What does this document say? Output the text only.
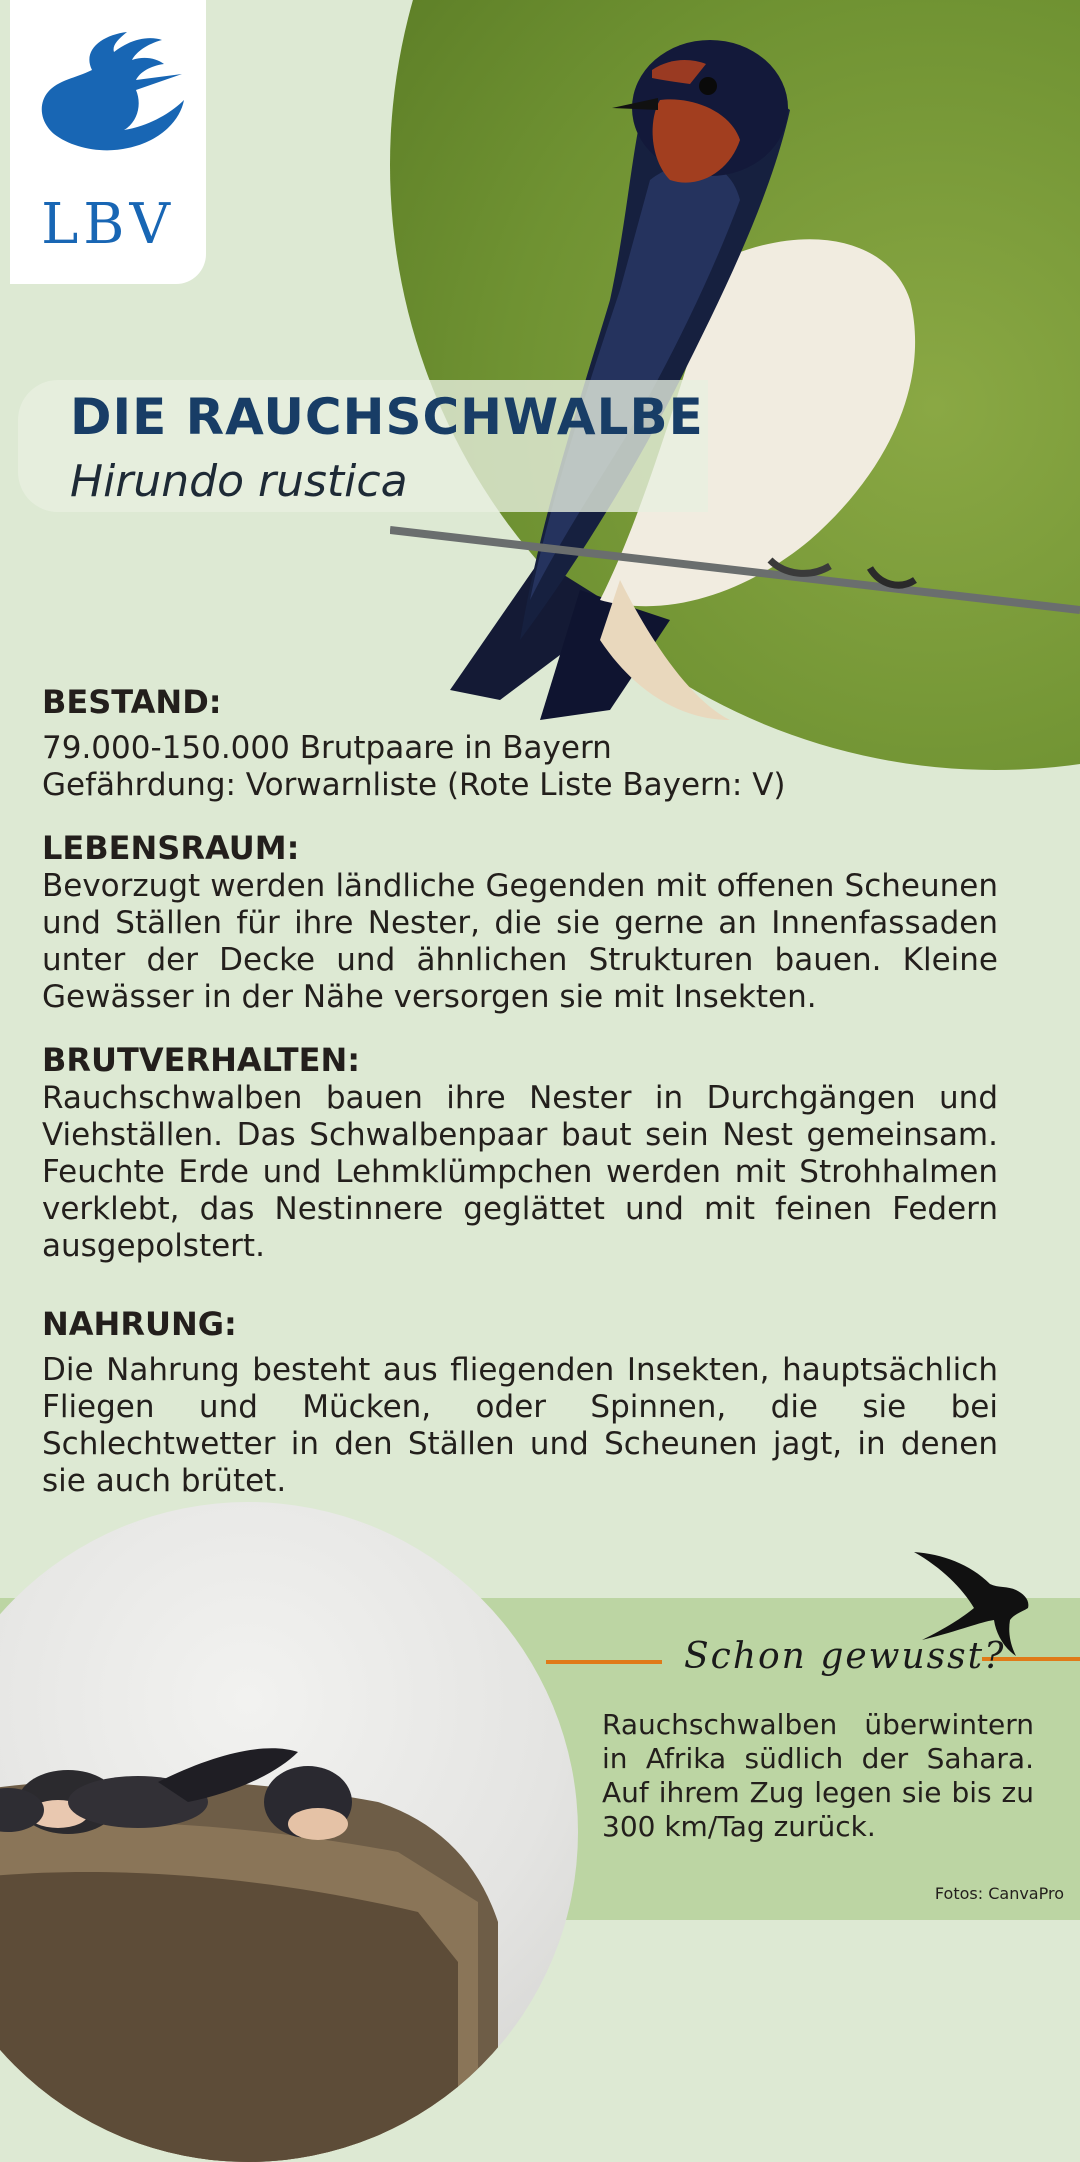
LBV
DIE RAUCHSCHWALBE
Hirundo rustica
BESTAND:

79.000-150.000 Brutpaare in Bayern

Gefährdung: Vorwarnliste (Rote Liste Bayern: V)

LEBENSRAUM:

Bevorzugt werden ländliche Gegenden mit offenen Scheunen und Ställen für ihre Nester, die sie gerne an Innenfassaden unter der Decke und ähnlichen Strukturen bauen. Kleine Gewässer in der Nähe versorgen sie mit Insekten.

BRUTVERHALTEN:

Rauchschwalben bauen ihre Nester in Durchgängen und Viehställen. Das Schwalbenpaar baut sein Nest gemeinsam. Feuchte Erde und Lehmklümpchen werden mit Strohhalmen verklebt, das Nestinnere geglättet und mit feinen Federn ausgepolstert.

NAHRUNG:

Die Nahrung besteht aus fliegenden Insekten, hauptsächlich Fliegen und Mücken, oder Spinnen, die sie bei Schlechtwetter in den Ställen und Scheunen jagt, in denen sie auch brütet.

Schon gewusst?

Rauchschwalben überwintern in Afrika südlich der Sahara. Auf ihrem Zug legen sie bis zu 300 km/Tag zurück.

Fotos: CanvaPro
